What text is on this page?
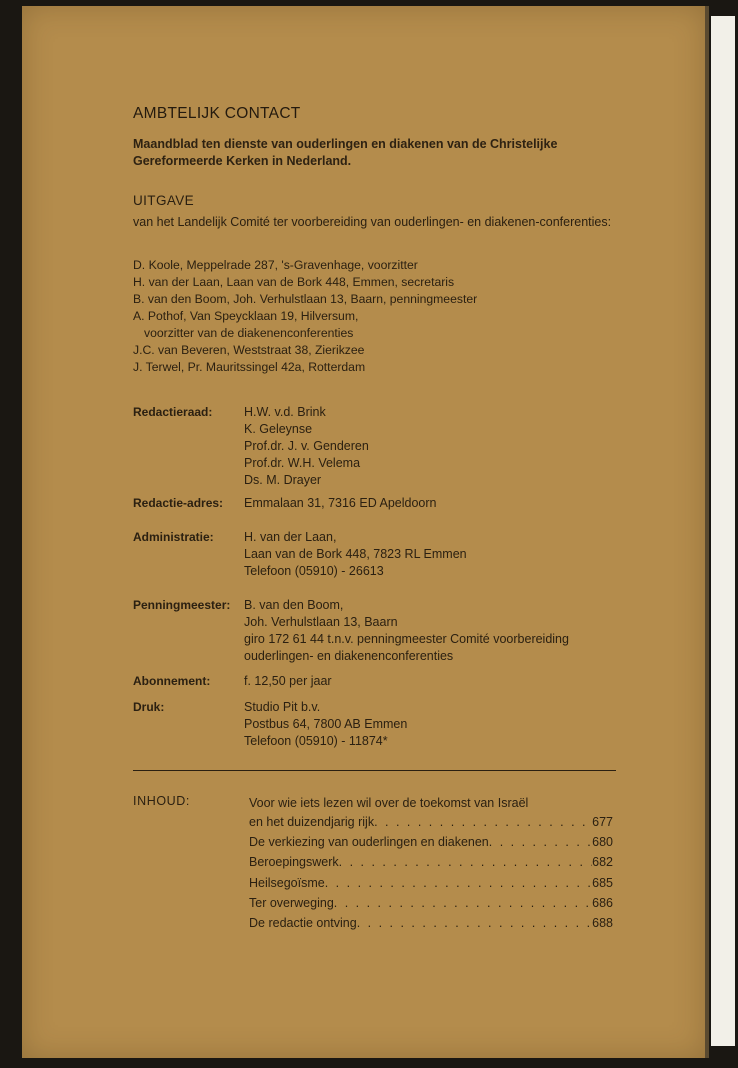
AMBTELIJK CONTACT
Maandblad ten dienste van ouderlingen en diakenen van de Christelijke Gereformeerde Kerken in Nederland.
UITGAVE
van het Landelijk Comité ter voorbereiding van ouderlingen- en diakenen-conferenties:
D. Koole, Meppelrade 287, 's-Gravenhage, voorzitter
H. van der Laan, Laan van de Bork 448, Emmen, secretaris
B. van den Boom, Joh. Verhulstlaan 13, Baarn, penningmeester
A. Pothof, Van Speycklaan 19, Hilversum,
voorzitter van de diakenenconferenties
J.C. van Beveren, Weststraat 38, Zierikzee
J. Terwel, Pr. Mauritssingel 42a, Rotterdam
Redactieraad:	H.W. v.d. Brink
K. Geleynse
Prof.dr. J. v. Genderen
Prof.dr. W.H. Velema
Ds. M. Drayer
Redactie-adres: Emmalaan 31, 7316 ED Apeldoorn
Administratie: H. van der Laan,
Laan van de Bork 448, 7823 RL Emmen
Telefoon (05910) - 26613
Penningmeester: B. van den Boom,
Joh. Verhulstlaan 13, Baarn
giro 172 61 44 t.n.v. penningmeester Comité voorbereiding
ouderlingen- en diakenenconferenties
Abonnement:	f. 12,50 per jaar
Druk:	Studio Pit b.v.
Postbus 64, 7800 AB Emmen
Telefoon (05910) - 11874*
INHOUD:	Voor wie iets lezen wil over de toekomst van Israël
en het duizendjarig rijk . . .	677
De verkiezing van ouderlingen en diakenen . . .	680
Beroepingswerk . . .	682
Heilsegoïsme . . .	685
Ter overweging . . .	686
De redactie ontving . . .	688
